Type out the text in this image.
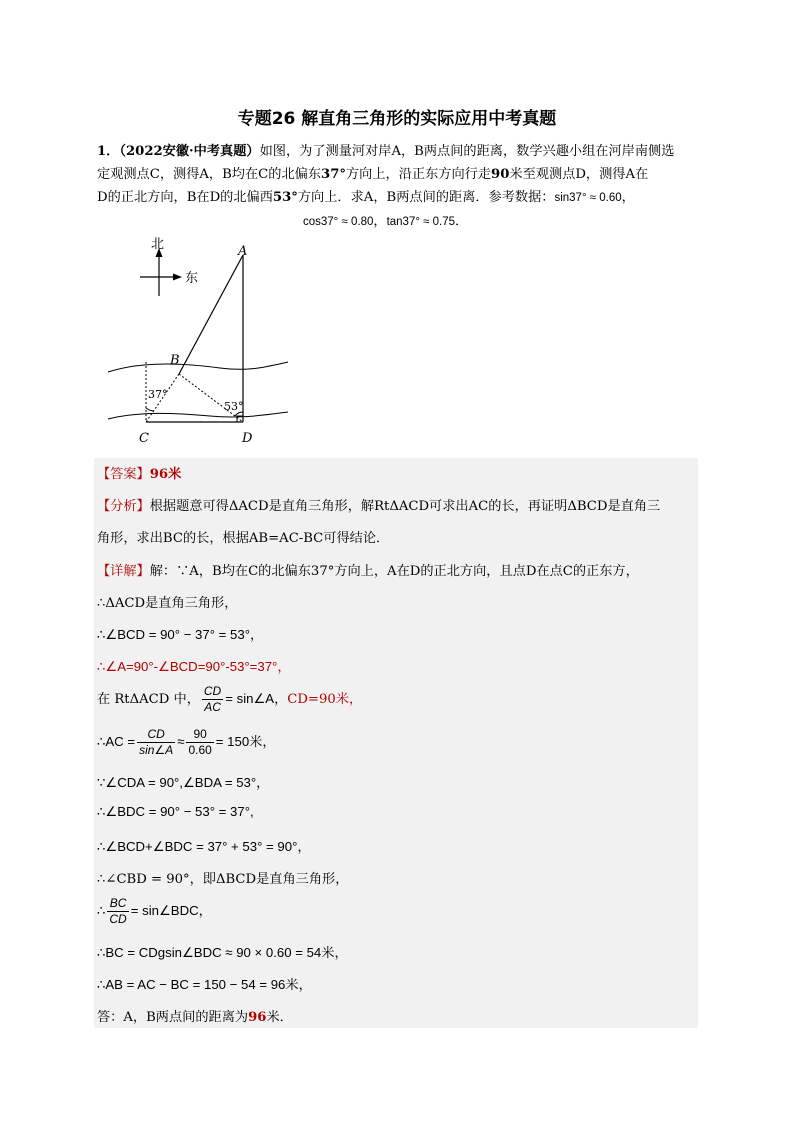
专题26 解直角三角形的实际应用中考真题
1．（2022安徽·中考真题）如图，为了测量河对岸A，B两点间的距离，数学兴趣小组在河岸南侧选
定观测点C，测得A，B均在C的北偏东37°方向上，沿正东方向行走90米至观测点D，测得A在
D的正北方向，B在D的北偏西53°方向上．求A，B两点间的距离．参考数据：sin37° ≈ 0.60，
cos37° ≈ 0.80，tan37° ≈ 0.75．
北
东
37°
53°
A
B
C	D
【答案】96米
【分析】根据题意可得ΔACD是直角三角形，解RtΔACD可求出AC的长，再证明ΔBCD是直角三
角形，求出BC的长，根据AB=AC-BC可得结论．
【详解】解：∵A，B均在C的北偏东37°方向上，A在D的正北方向，且点D在点C的正东方，
∴ΔACD是直角三角形，
∴∠BCD = 90° − 37° = 53°，
∴∠A=90°-∠BCD=90°-53°=37°，
在 RtΔACD 中， $\frac{CD}{AC}$ = sin∠A，CD=90米，
∴AC = $\frac{CD}{\sin\angle A} \approx \frac{90}{0.60} = 150$米，
∵∠CDA = 90°,∠BDA = 53°，
∴∠BDC = 90° − 53° = 37°,
∴∠BCD+∠BDC = 37° + 53° = 90°，
∴∠CBD = 90°，即ΔBCD是直角三角形，
∴ $\frac{BC}{CD}$ = sin∠BDC，
∴BC = CDgsin∠BDC ≈ 90 × 0.60 = 54米，
∴AB = AC − BC = 150 − 54 = 96米，
答：A，B两点间的距离为96米．
